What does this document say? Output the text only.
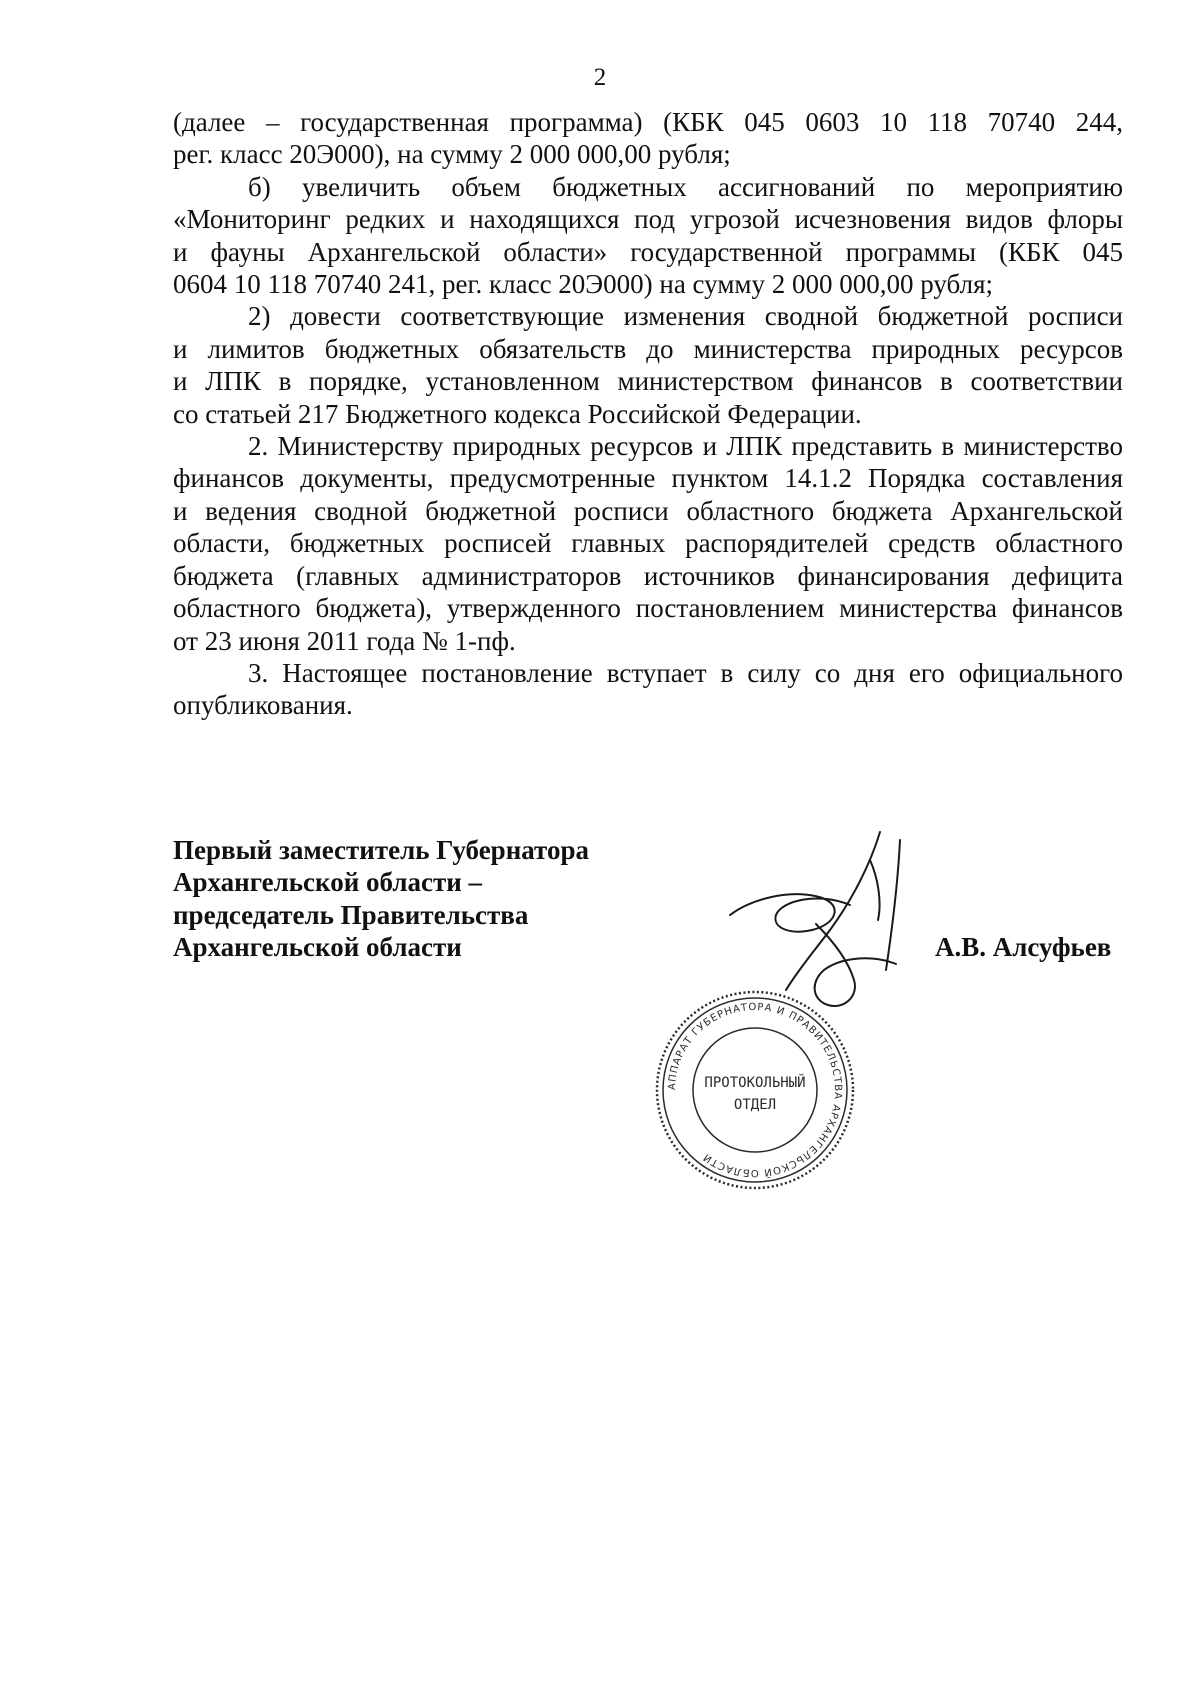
2

(далее – государственная программа) (КБК 045 0603 10 118 70740 244,

рег. класс 20Э000), на сумму 2 000 000,00 рубля;

б) увеличить объем бюджетных ассигнований по мероприятию

«Мониторинг редких и находящихся под угрозой исчезновения видов флоры

и фауны Архангельской области» государственной программы (КБК 045

0604 10 118 70740 241, рег. класс 20Э000) на сумму 2 000 000,00 рубля;

2) довести соответствующие изменения сводной бюджетной росписи

и лимитов бюджетных обязательств до министерства природных ресурсов

и ЛПК в порядке, установленном министерством финансов в соответствии

со статьей 217 Бюджетного кодекса Российской Федерации.

2. Министерству природных ресурсов и ЛПК представить в министерство

финансов документы, предусмотренные пунктом 14.1.2 Порядка составления

и ведения сводной бюджетной росписи областного бюджета Архангельской

области, бюджетных росписей главных распорядителей средств областного

бюджета (главных администраторов источников финансирования дефицита

областного бюджета), утвержденного постановлением министерства финансов

от 23 июня 2011 года № 1-пф.

3. Настоящее постановление вступает в силу со дня его официального

опубликования.

Первый заместитель Губернатора
Архангельской области –
председатель Правительства
Архангельской области	А.В. Алсуфьев
АППАРАТ ГУБЕРНАТОРА И ПРАВИТЕЛЬСТВА АРХАНГЕЛЬСКОЙ ОБЛАСТИ
ПРОТОКОЛЬНЫЙ
ОТДЕЛ
